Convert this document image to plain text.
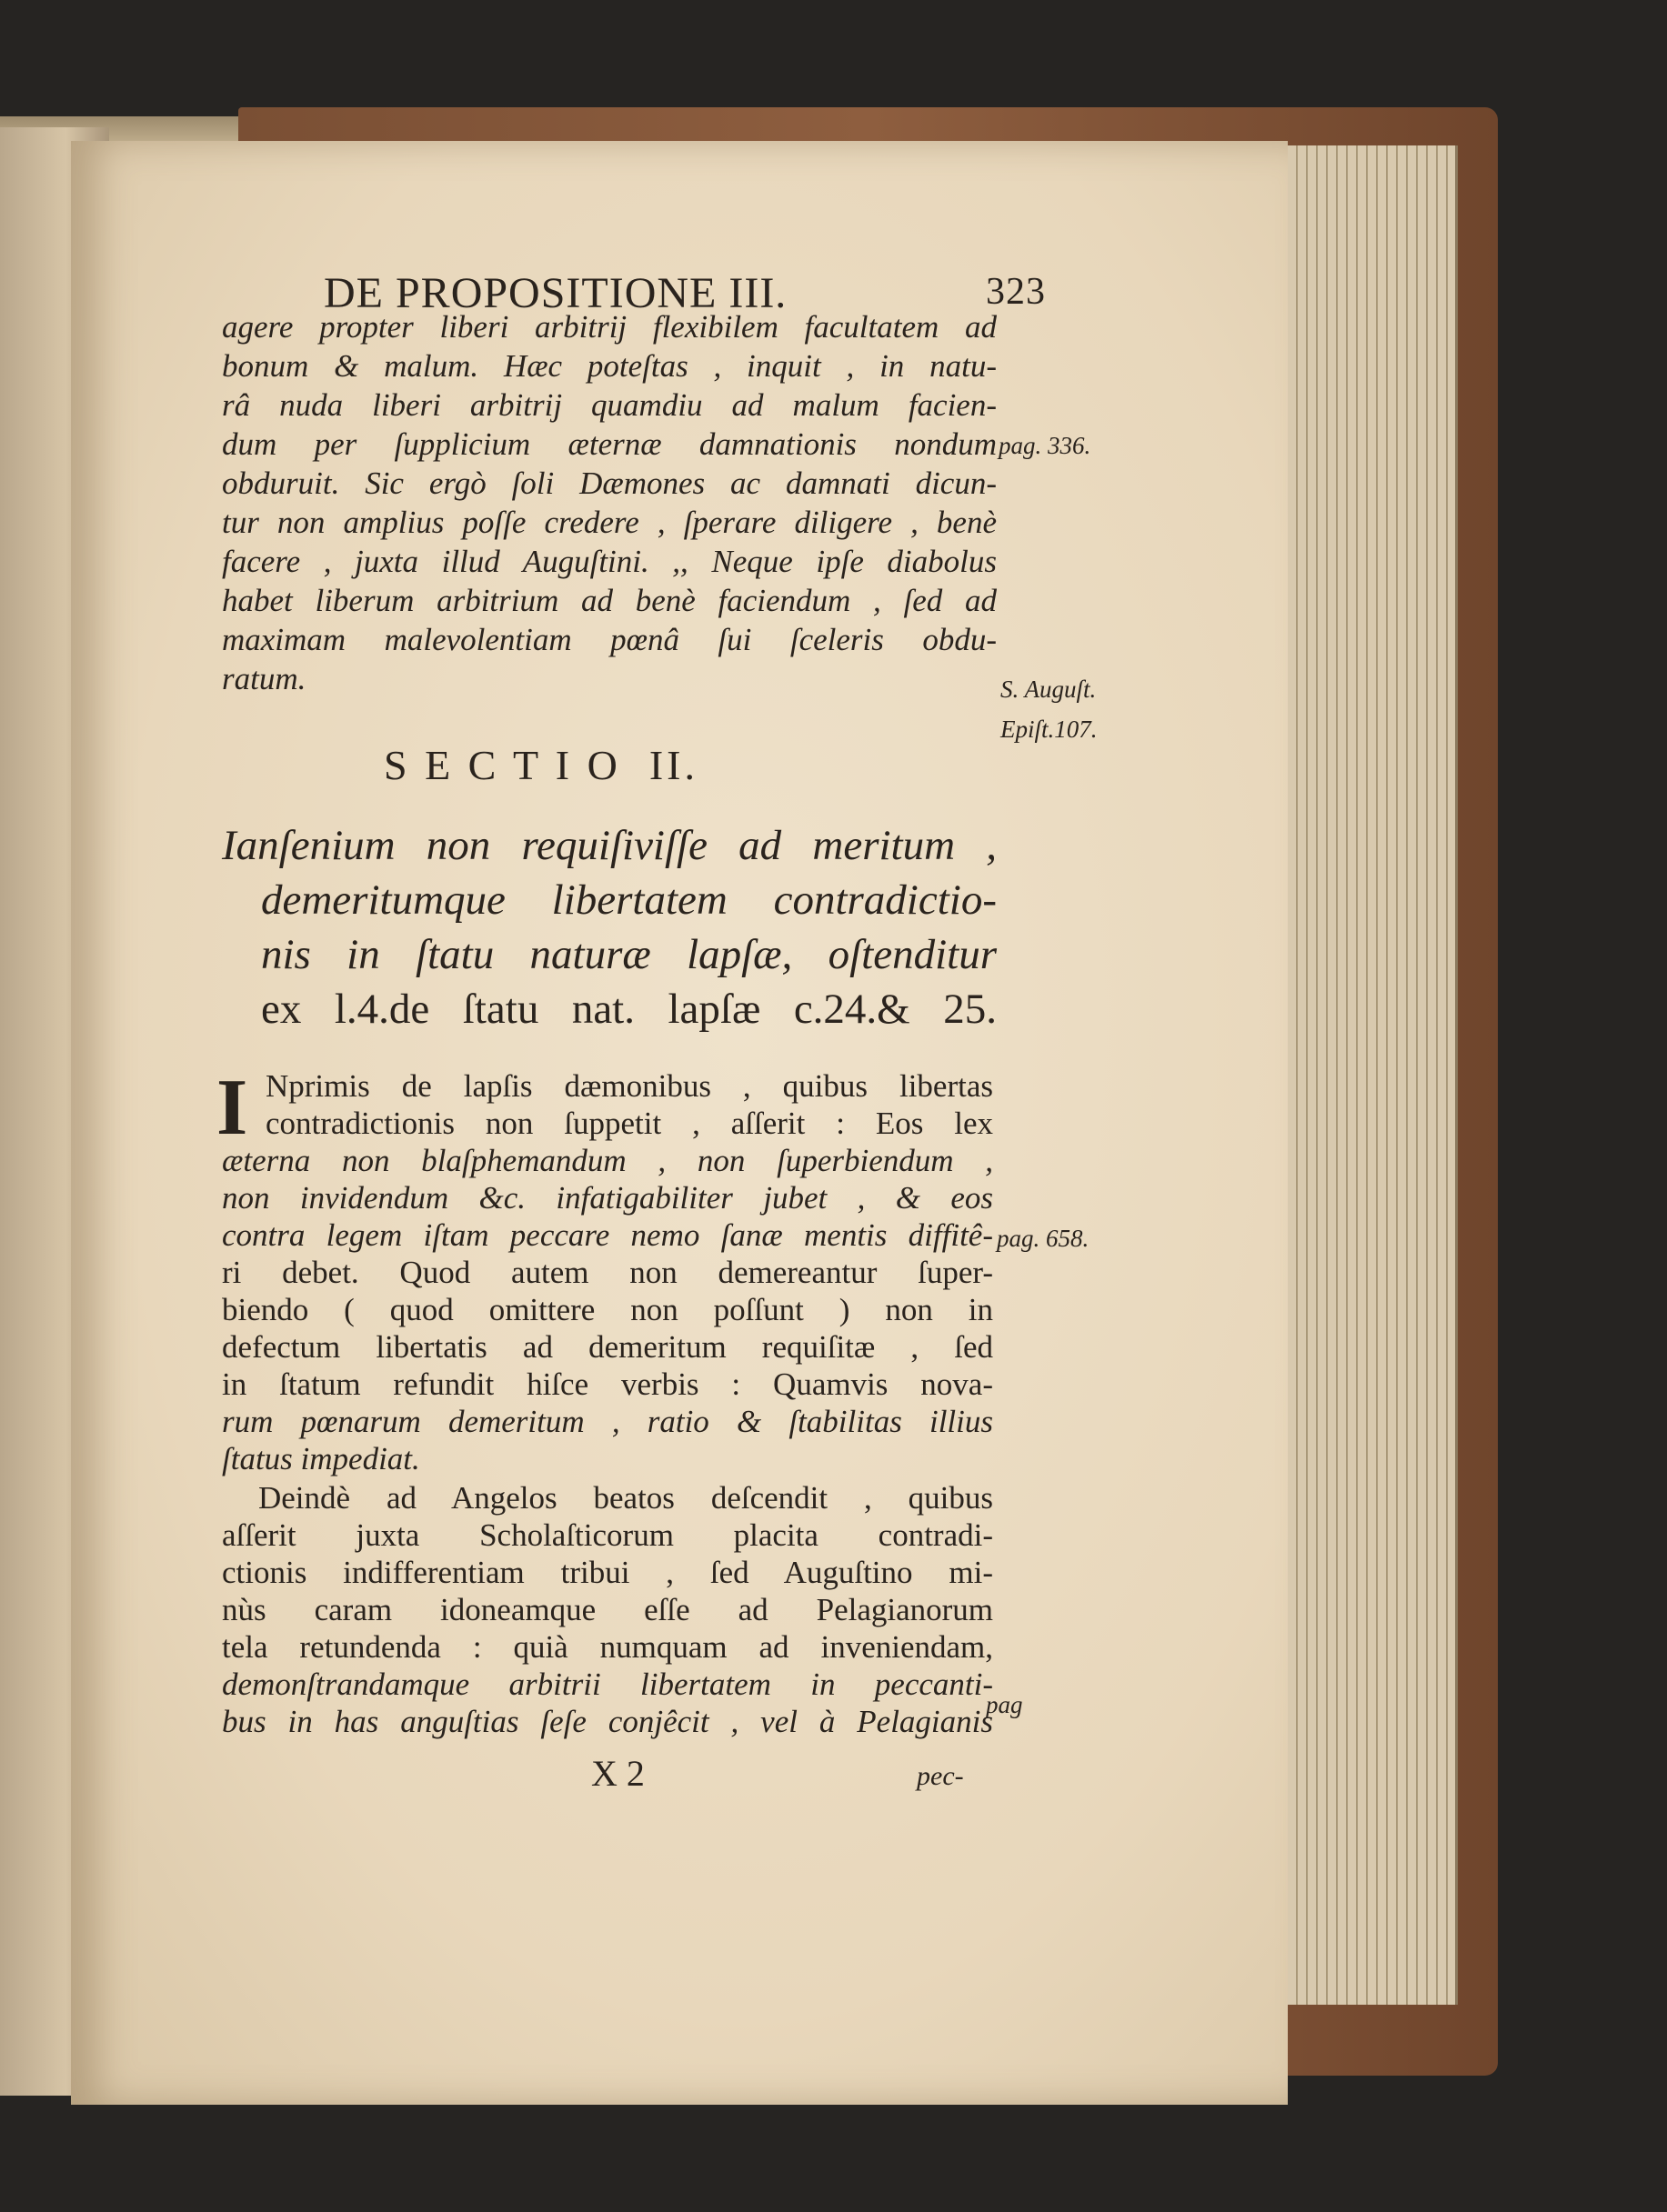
DE PROPOSITIONE III.	323
agere propter liberi arbitrij flexibilem facultatem ad
bonum & malum. Hæc poteſtas , inquit , in natu-
râ nuda liberi arbitrij quamdiu ad malum facien-
dum per ſupplicium æternæ damnationis nondum
obduruit. Sic ergò ſoli Dæmones ac damnati dicun-
tur non amplius poſſe credere , ſperare diligere , benè
facere , juxta illud Auguſtini. ,, Neque ipſe diabolus
habet liberum arbitrium ad benè faciendum , ſed ad
maximam malevolentiam pœnâ ſui ſceleris obdu-
ratum.
S E C T I O  II.
Ianſenium non requiſiviſſe ad meritum ,
demeritumque libertatem contradictio-
nis in ſtatu naturæ lapſæ, oſtenditur
ex l.4.de ſtatu nat. lapſæ c.24.& 25.
I Nprimis de lapſis dæmonibus , quibus libertas
contradictionis non ſuppetit , aſſerit : Eos lex
æterna non blaſphemandum , non ſuperbiendum ,
non invidendum &c. infatigabiliter jubet , & eos
contra legem iſtam peccare nemo ſanæ mentis diffitê-
ri debet. Quod autem non demereantur ſuper-
biendo ( quod omittere non poſſunt ) non in
defectum libertatis ad demeritum requiſitæ , ſed
in ſtatum refundit hiſce verbis : Quamvis nova-
rum pœnarum demeritum , ratio & ſtabilitas illius
ſtatus impediat.
Deindè ad Angelos beatos deſcendit , quibus
aſſerit juxta Scholaſticorum placita contradi-
ctionis indifferentiam tribui , ſed Auguſtino mi-
nùs caram idoneamque eſſe ad Pelagianorum
tela retundenda : quià numquam ad inveniendam,
demonſtrandamque arbitrii libertatem in peccanti-
bus in has anguſtias ſeſe conjêcit , vel à Pelagianis
X 2	pec-
pag. 336.
S. Auguſt.
Epiſt.107.
pag. 658.
pag
